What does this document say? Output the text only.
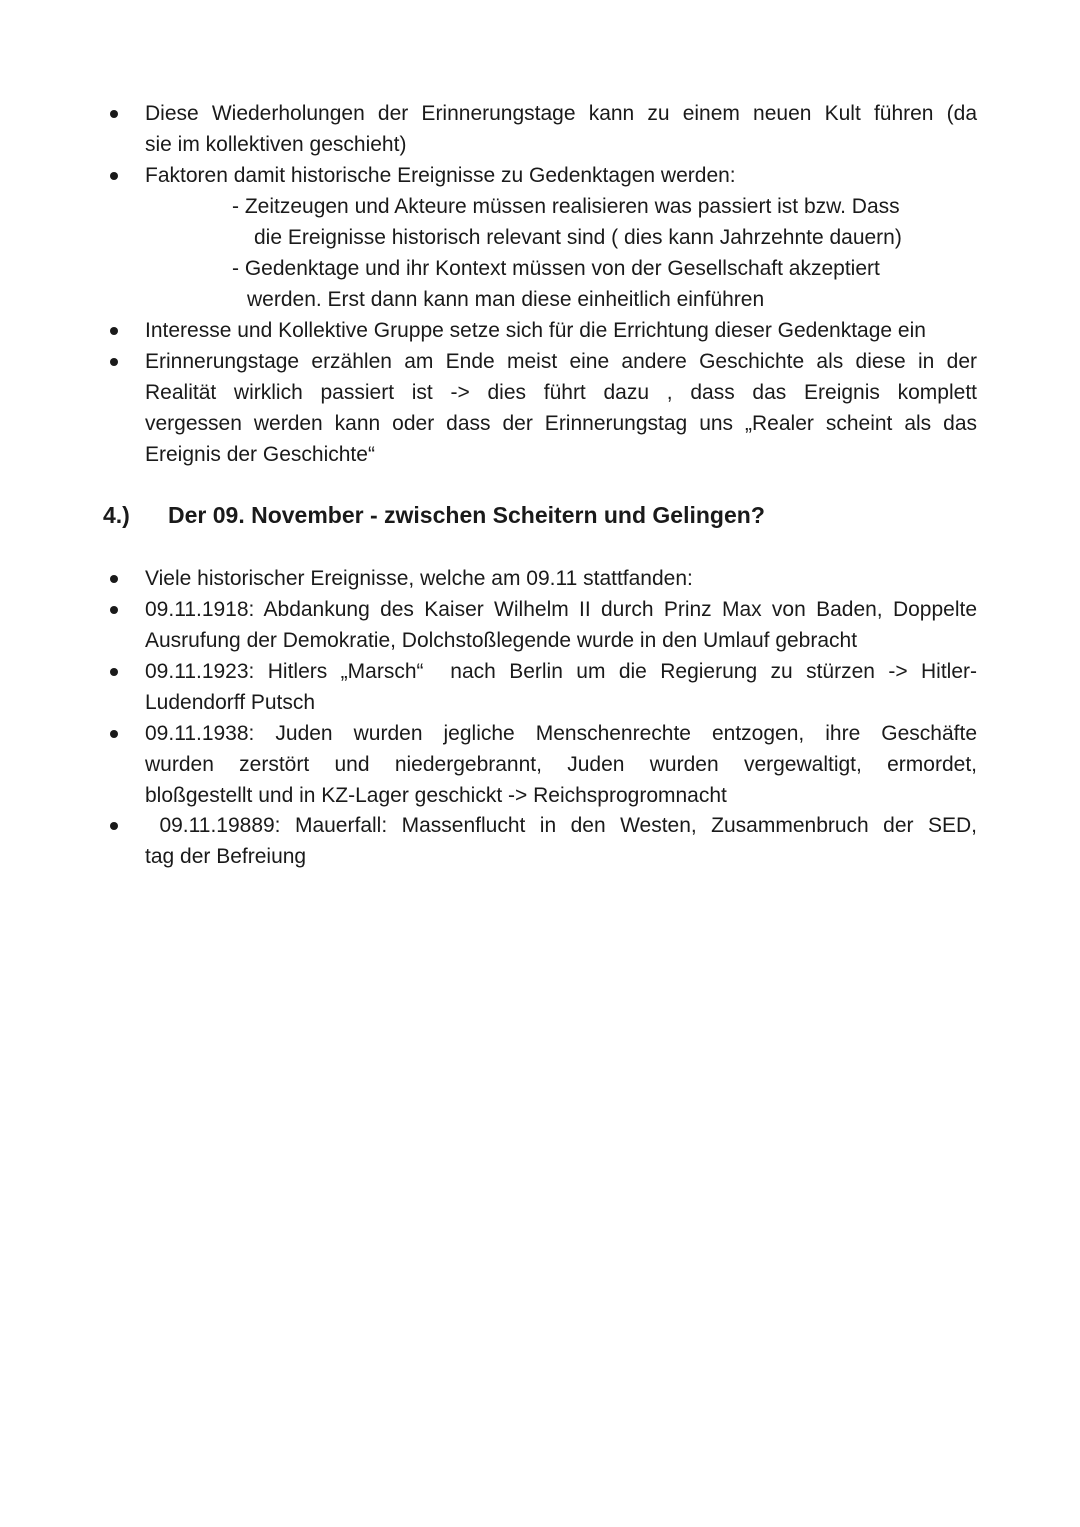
Diese Wiederholungen der Erinnerungstage kann zu einem neuen Kult führen (da
sie im kollektiven geschieht)
Faktoren damit historische Ereignisse zu Gedenktagen werden:
- Zeitzeugen und Akteure müssen realisieren was passiert ist bzw. Dass
die Ereignisse historisch relevant sind ( dies kann Jahrzehnte dauern)
- Gedenktage und ihr Kontext müssen von der Gesellschaft akzeptiert
werden. Erst dann kann man diese einheitlich einführen
Interesse und Kollektive Gruppe setze sich für die Errichtung dieser Gedenktage ein
Erinnerungstage erzählen am Ende meist eine andere Geschichte als diese in der
Realität wirklich passiert ist -> dies führt dazu , dass das Ereignis komplett
vergessen werden kann oder dass der Erinnerungstag uns „Realer scheint als das
Ereignis der Geschichte“
4.) Der 09. November - zwischen Scheitern und Gelingen?
Viele historischer Ereignisse, welche am 09.11 stattfanden:
09.11.1918: Abdankung des Kaiser Wilhelm II durch Prinz Max von Baden, Doppelte
Ausrufung der Demokratie, Dolchstoßlegende wurde in den Umlauf gebracht
09.11.1923: Hitlers „Marsch“  nach Berlin um die Regierung zu stürzen -> Hitler-
Ludendorff Putsch
09.11.1938: Juden wurden jegliche Menschenrechte entzogen, ihre Geschäfte
wurden zerstört und niedergebrannt, Juden wurden vergewaltigt, ermordet,
bloßgestellt und in KZ-Lager geschickt -> Reichsprogromnacht
09.11.19889: Mauerfall: Massenflucht in den Westen, Zusammenbruch der SED,
tag der Befreiung
